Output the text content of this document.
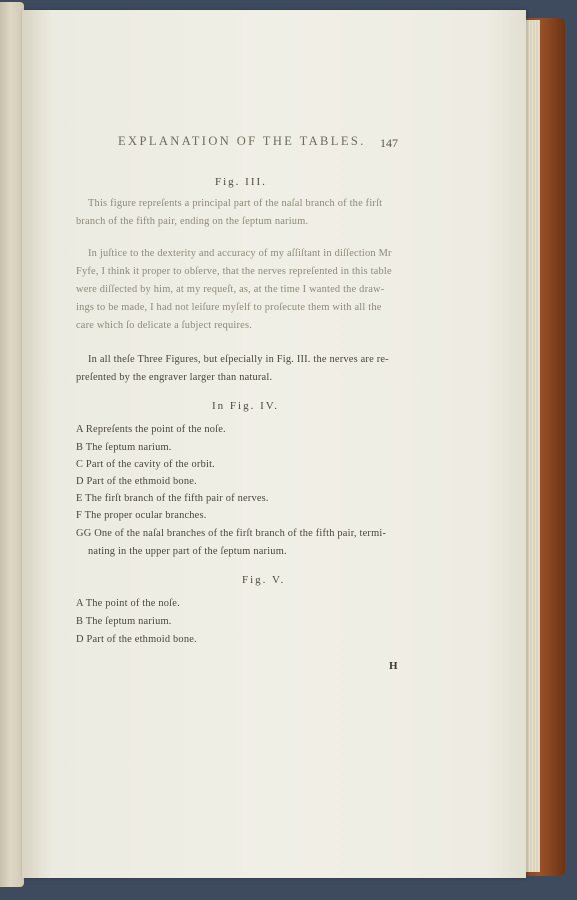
EXPLANATION OF THE TABLES. 147
Fig. III.
This figure repreſents a principal part of the naſal branch of the firſt
branch of the fifth pair, ending on the ſeptum narium.
In juſtice to the dexterity and accuracy of my aſſiſtant in diſſection Mr
Fyfe, I think it proper to obſerve, that the nerves repreſented in this table
were diſſected by him, at my requeſt, as, at the time I wanted the draw-
ings to be made, I had not leiſure myſelf to proſecute them with all the
care which ſo delicate a ſubject requires.
In all theſe Three Figures, but eſpecially in Fig. III. the nerves are re-
preſented by the engraver larger than natural.
In Fig. IV.
A Repreſents the point of the noſe.
B The ſeptum narium.
C Part of the cavity of the orbit.
D Part of the ethmoid bone.
E The firſt branch of the fifth pair of nerves.
F The proper ocular branches.
GG One of the naſal branches of the firſt branch of the fifth pair, termi-
nating in the upper part of the ſeptum narium.
Fig. V.
A The point of the noſe.
B The ſeptum narium.
D Part of the ethmoid bone.
H
